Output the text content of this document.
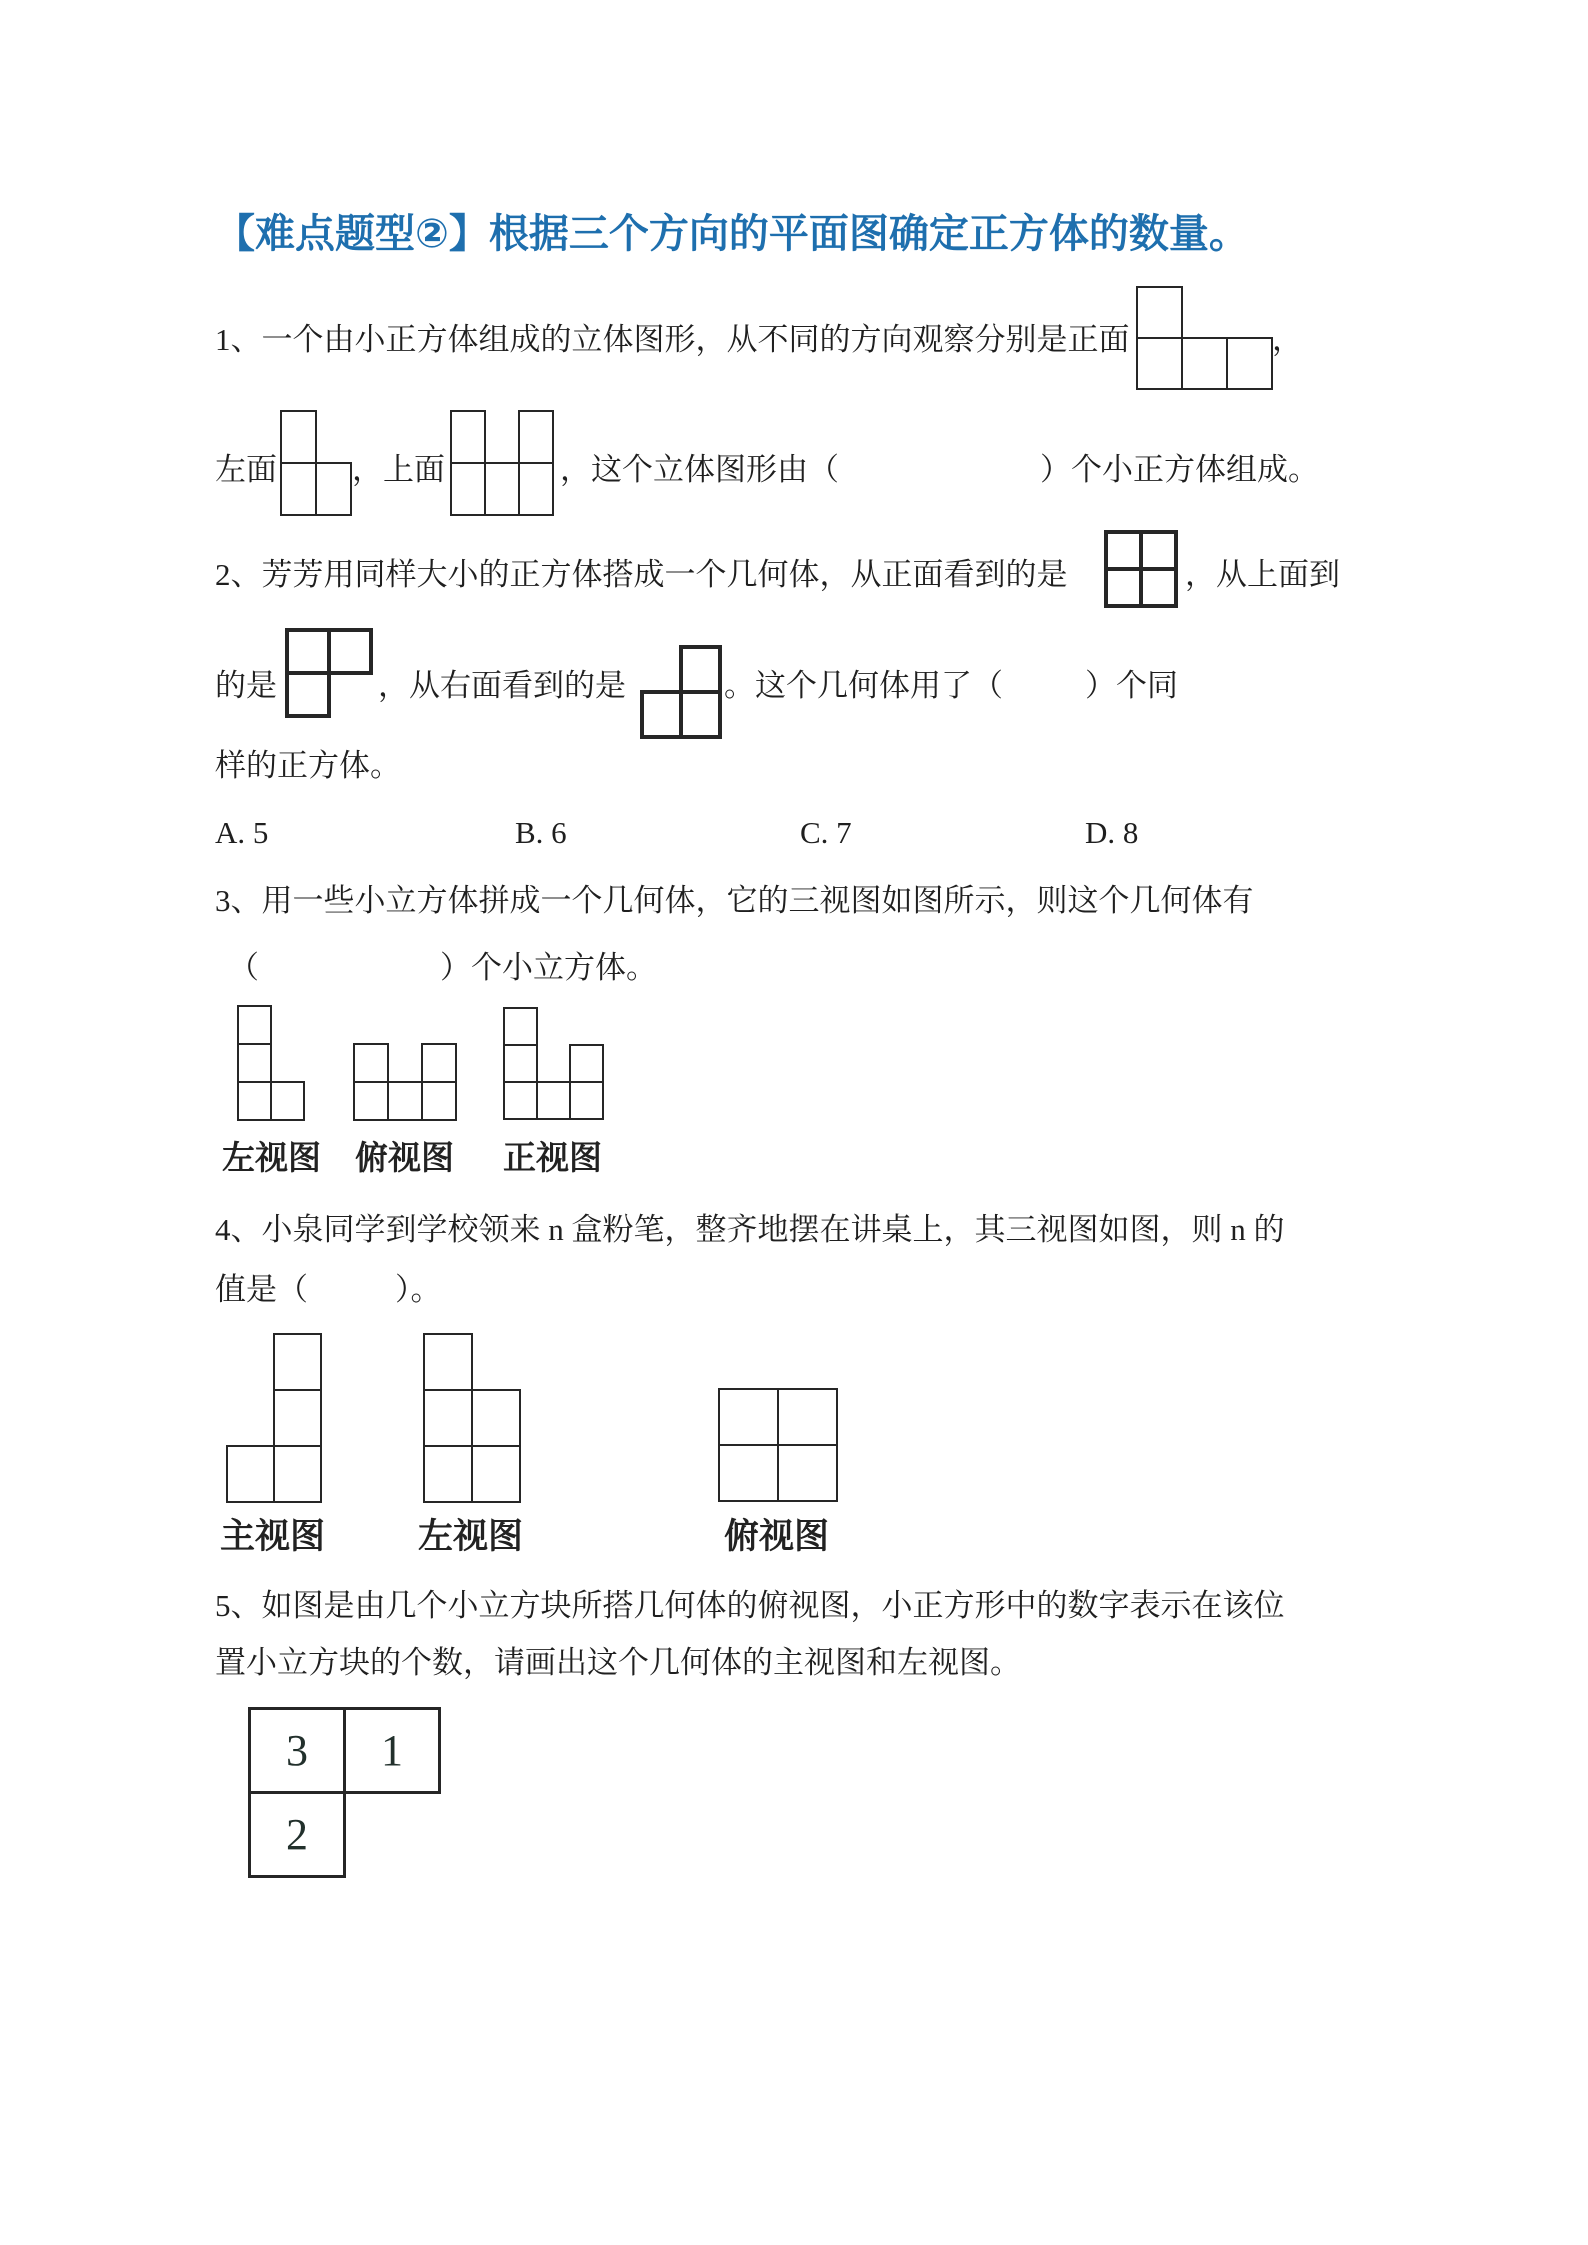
【难点题型②】根据三个方向的平面图确定正方体的数量。
1、一个由小正方体组成的立体图形，从不同的方向观察分别是正面	，
左面 ，上面	，这个立体图形由（	）个小正方体组成。
2、芳芳用同样大小的正方体搭成一个几何体，从正面看到的是	，从上面到
的是	，从右面看到的是	。这个几何体用了（	）个同
样的正方体。
A. 5	B. 6	C. 7	D. 8
3、用一些小立方体拼成一个几何体，它的三视图如图所示，则这个几何体有
（	）个小立方体。
左视图 俯视图 正视图
4、小泉同学到学校领来 n 盒粉笔，整齐地摆在讲桌上，其三视图如图，则 n 的
值是（	）。
主视图	左视图	俯视图
5、如图是由几个小立方块所搭几何体的俯视图，小正方形中的数字表示在该位
置小立方块的个数，请画出这个几何体的主视图和左视图。
3	1
2
